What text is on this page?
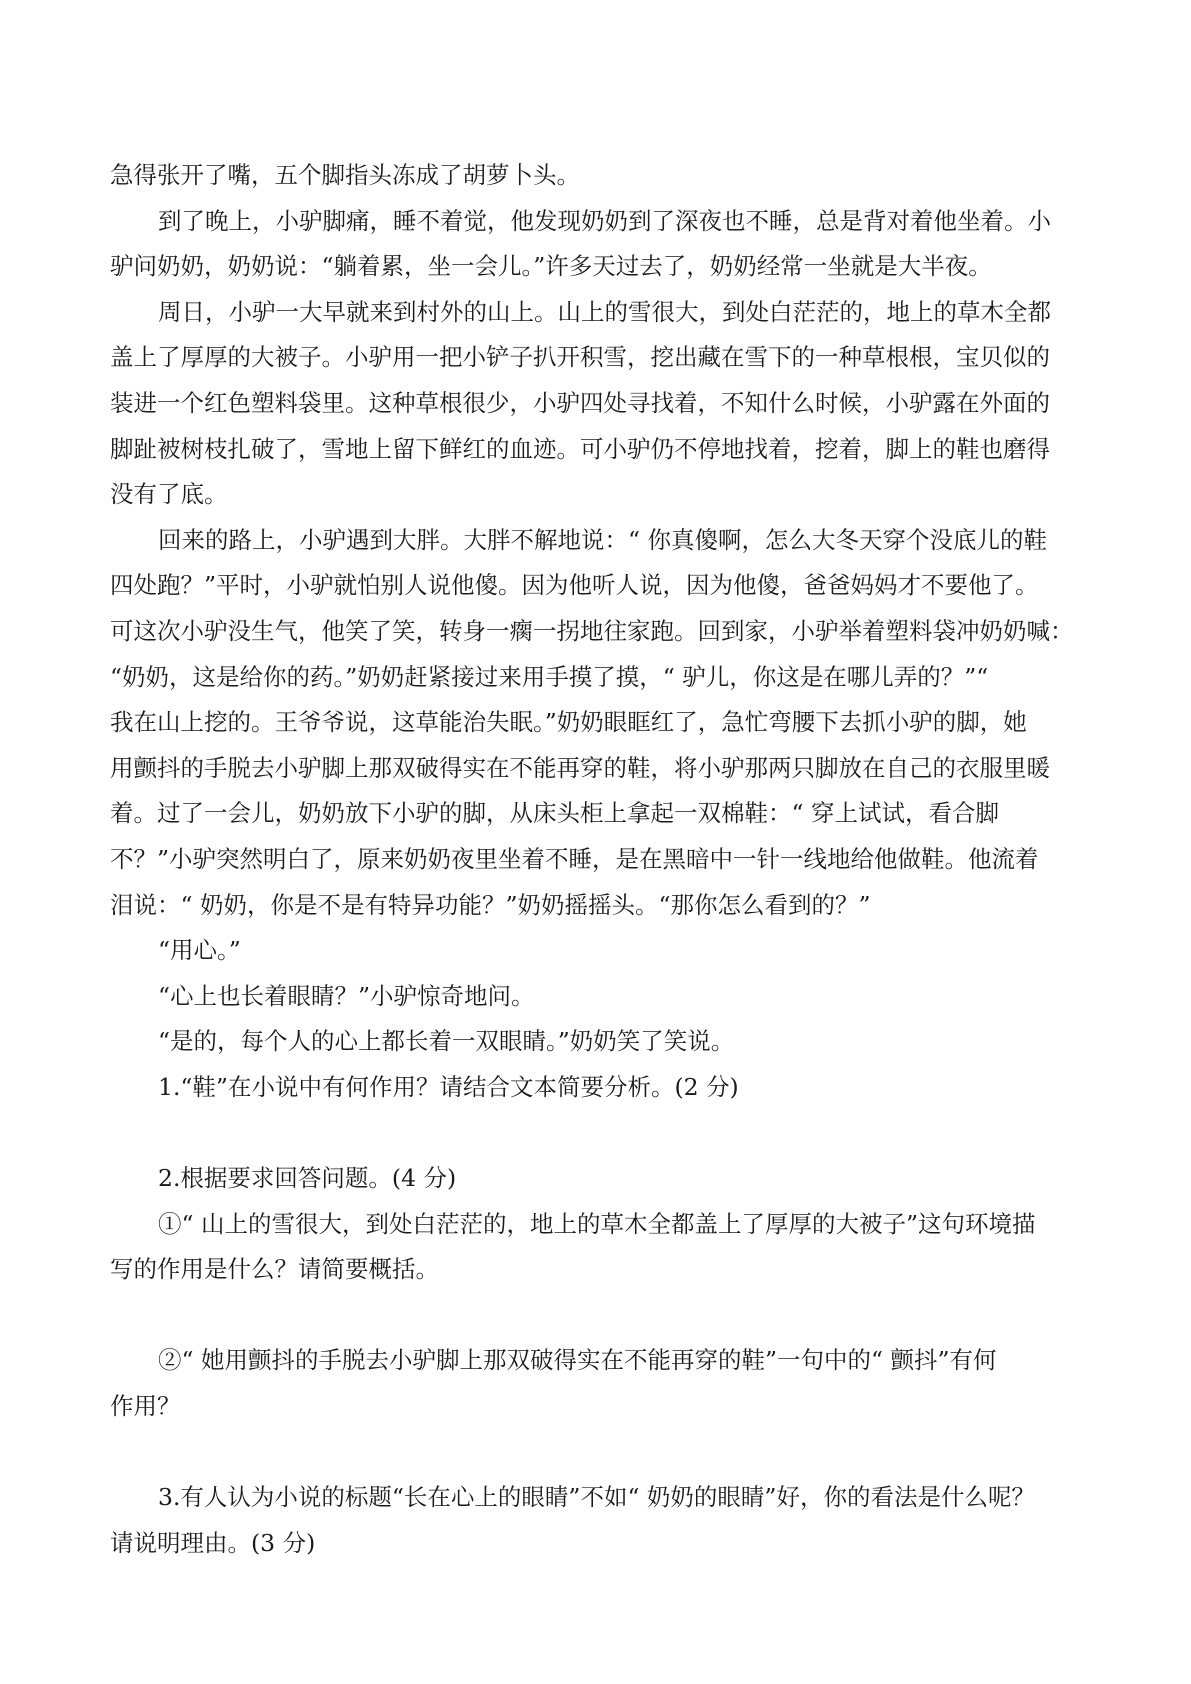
急得张开了嘴，五个脚指头冻成了胡萝卜头。

到了晚上，小驴脚痛，睡不着觉，他发现奶奶到了深夜也不睡，总是背对着他坐着。小

驴问奶奶，奶奶说：“躺着累，坐一会儿。”许多天过去了，奶奶经常一坐就是大半夜。

周日，小驴一大早就来到村外的山上。山上的雪很大，到处白茫茫的，地上的草木全都

盖上了厚厚的大被子。小驴用一把小铲子扒开积雪，挖出藏在雪下的一种草根根，宝贝似的

装进一个红色塑料袋里。这种草根很少，小驴四处寻找着，不知什么时候，小驴露在外面的

脚趾被树枝扎破了，雪地上留下鲜红的血迹。可小驴仍不停地找着，挖着，脚上的鞋也磨得

没有了底。

回来的路上，小驴遇到大胖。大胖不解地说：“ 你真傻啊，怎么大冬天穿个没底儿的鞋

四处跑？”平时，小驴就怕别人说他傻。因为他听人说，因为他傻，爸爸妈妈才不要他了。

可这次小驴没生气，他笑了笑，转身一瘸一拐地往家跑。回到家，小驴举着塑料袋冲奶奶喊：

“奶奶，这是给你的药。”奶奶赶紧接过来用手摸了摸，“ 驴儿，你这是在哪儿弄的？”“

我在山上挖的。王爷爷说，这草能治失眠。”奶奶眼眶红了，急忙弯腰下去抓小驴的脚，她

用颤抖的手脱去小驴脚上那双破得实在不能再穿的鞋，将小驴那两只脚放在自己的衣服里暖

着。过了一会儿，奶奶放下小驴的脚，从床头柜上拿起一双棉鞋：“ 穿上试试，看合脚

不？”小驴突然明白了，原来奶奶夜里坐着不睡，是在黑暗中一针一线地给他做鞋。他流着

泪说：“ 奶奶，你是不是有特异功能？”奶奶摇摇头。“那你怎么看到的？”

“用心。”

“心上也长着眼睛？”小驴惊奇地问。

“是的，每个人的心上都长着一双眼睛。”奶奶笑了笑说。

1.“鞋”在小说中有何作用？请结合文本简要分析。(2 分)

2.根据要求回答问题。(4 分)

①“ 山上的雪很大，到处白茫茫的，地上的草木全都盖上了厚厚的大被子”这句环境描

写的作用是什么？请简要概括。

②“ 她用颤抖的手脱去小驴脚上那双破得实在不能再穿的鞋”一句中的“ 颤抖”有何

作用？

3.有人认为小说的标题“长在心上的眼睛”不如“ 奶奶的眼睛”好，你的看法是什么呢？

请说明理由。(3 分)
